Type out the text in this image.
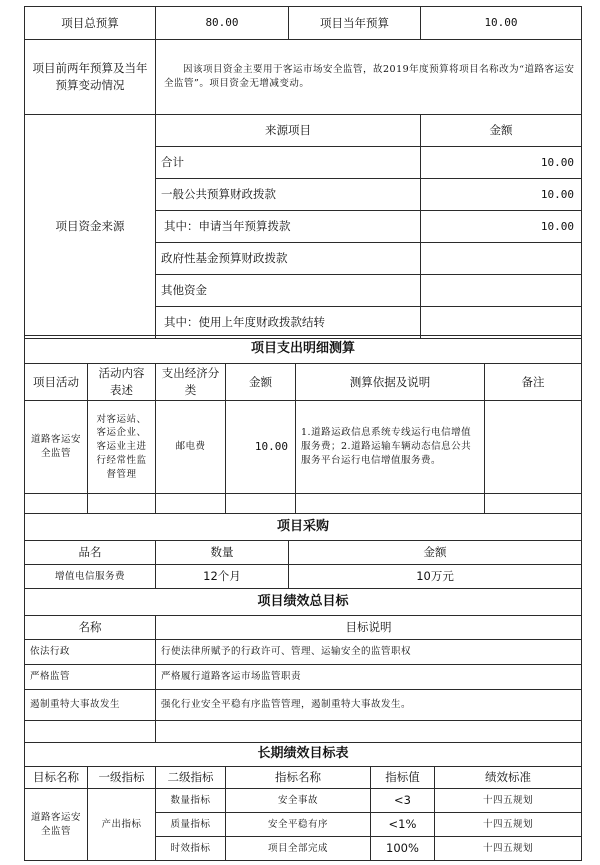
项目总预算	80.00	项目当年预算	10.00
项目前两年预算及当年预算变动情况	因该项目资金主要用于客运市场安全监管，故2019年度预算将项目名称改为“道路客运安全监管”。项目资金无增减变动。		
项目资金来源	来源项目		金额
	合计		10.00
	一般公共预算财政拨款		10.00
	其中：申请当年预算拨款		10.00
	政府性基金预算财政拨款		
	其他资金		
	其中：使用上年度财政拨款结转		
项目支出明细测算					
项目活动	活动内容表述	支出经济分类	金额	测算依据及说明	备注
道路客运安全监管	对客运站、客运企业、客运业主进行经常性监督管理	邮电费	10.00	1.道路运政信息系统专线运行电信增值服务费；2.道路运输车辆动态信息公共服务平台运行电信增值服务费。	

项目采购		
品名	数量	金额
增值电信服务费	12个月	10万元
项目绩效总目标	
名称	目标说明
依法行政	行使法律所赋予的行政许可、管理、运输安全的监管职权
严格监管	严格履行道路客运市场监管职责
遏制重特大事故发生	强化行业安全平稳有序监管管理，遏制重特大事故发生。

长期绩效目标表					
目标名称	一级指标	二级指标	指标名称	指标值	绩效标准
道路客运安全监管	产出指标	数量指标	安全事故	<3	十四五规划
		质量指标	安全平稳有序	<1%	十四五规划
		时效指标	项目全部完成	100%	十四五规划
